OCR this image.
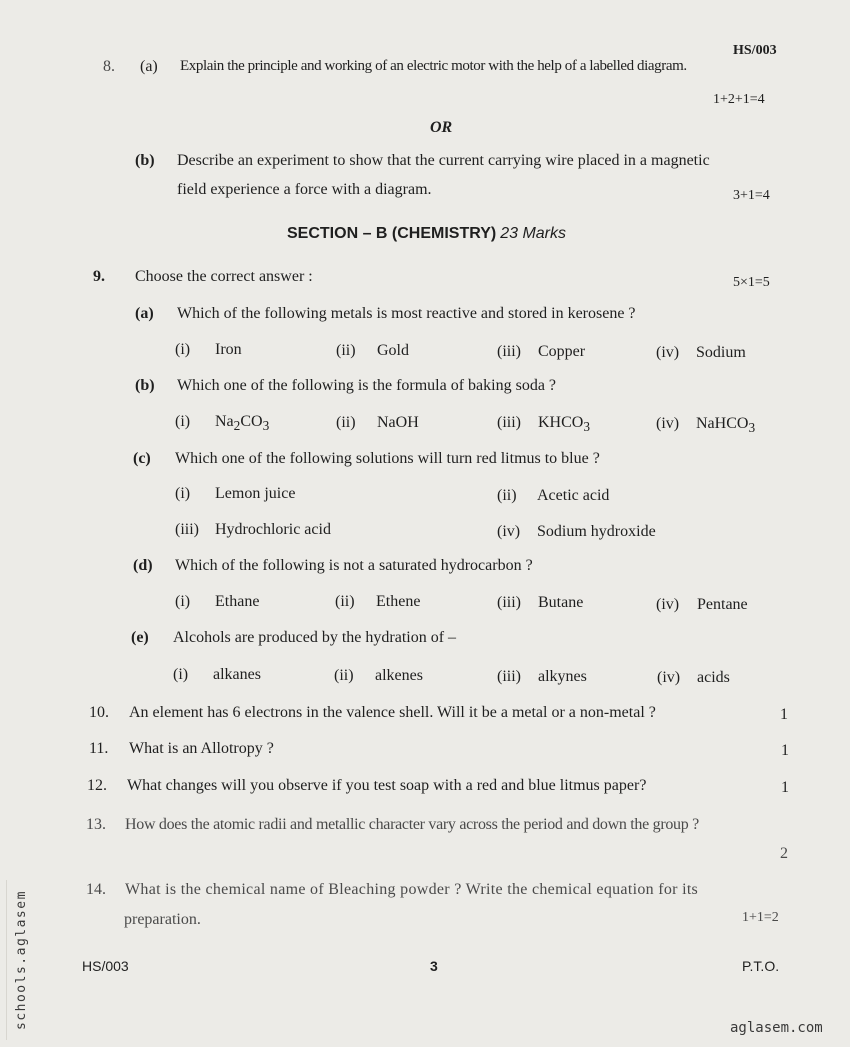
HS/003
8. (a) Explain the principle and working of an electric motor with the help of a labelled diagram.
1+2+1=4
OR
(b) Describe an experiment to show that the current carrying wire placed in a magnetic
field experience a force with a diagram.	3+1=4
SECTION – B (CHEMISTRY) 23 Marks
9. Choose the correct answer :	5×1=5
(a) Which of the following metals is most reactive and stored in kerosene ?
(i) Iron	(ii) Gold	(iii) Copper	(iv) Sodium
(b) Which one of the following is the formula of baking soda ?
(i) $Na_2CO_3$	(ii) NaOH	(iii) $KHCO_3$	(iv) NaHCO$_3$
(c) Which one of the following solutions will turn red litmus to blue ?
(i) Lemon juice	(ii) Acetic acid
(iii) Hydrochloric acid	(iv) Sodium hydroxide
(d) Which of the following is not a saturated hydrocarbon ?
(i) Ethane	(ii) Ethene	(iii) Butane	(iv) Pentane
(e) Alcohols are produced by the hydration of –
(i) alkanes	(ii) alkenes	(iii) alkynes	(iv) acids
10. An element has 6 electrons in the valence shell. Will it be a metal or a non-metal ?	1
11. What is an Allotropy ?	1
12. What changes will you observe if you test soap with a red and blue litmus paper?	1
13. How does the atomic radii and metallic character vary across the period and down the group ?
2
14. What is the chemical name of Bleaching powder ? Write the chemical equation for its
preparation.	1+1=2
HS/003	3	P.T.O.
schools.aglasem	aglasem.com
